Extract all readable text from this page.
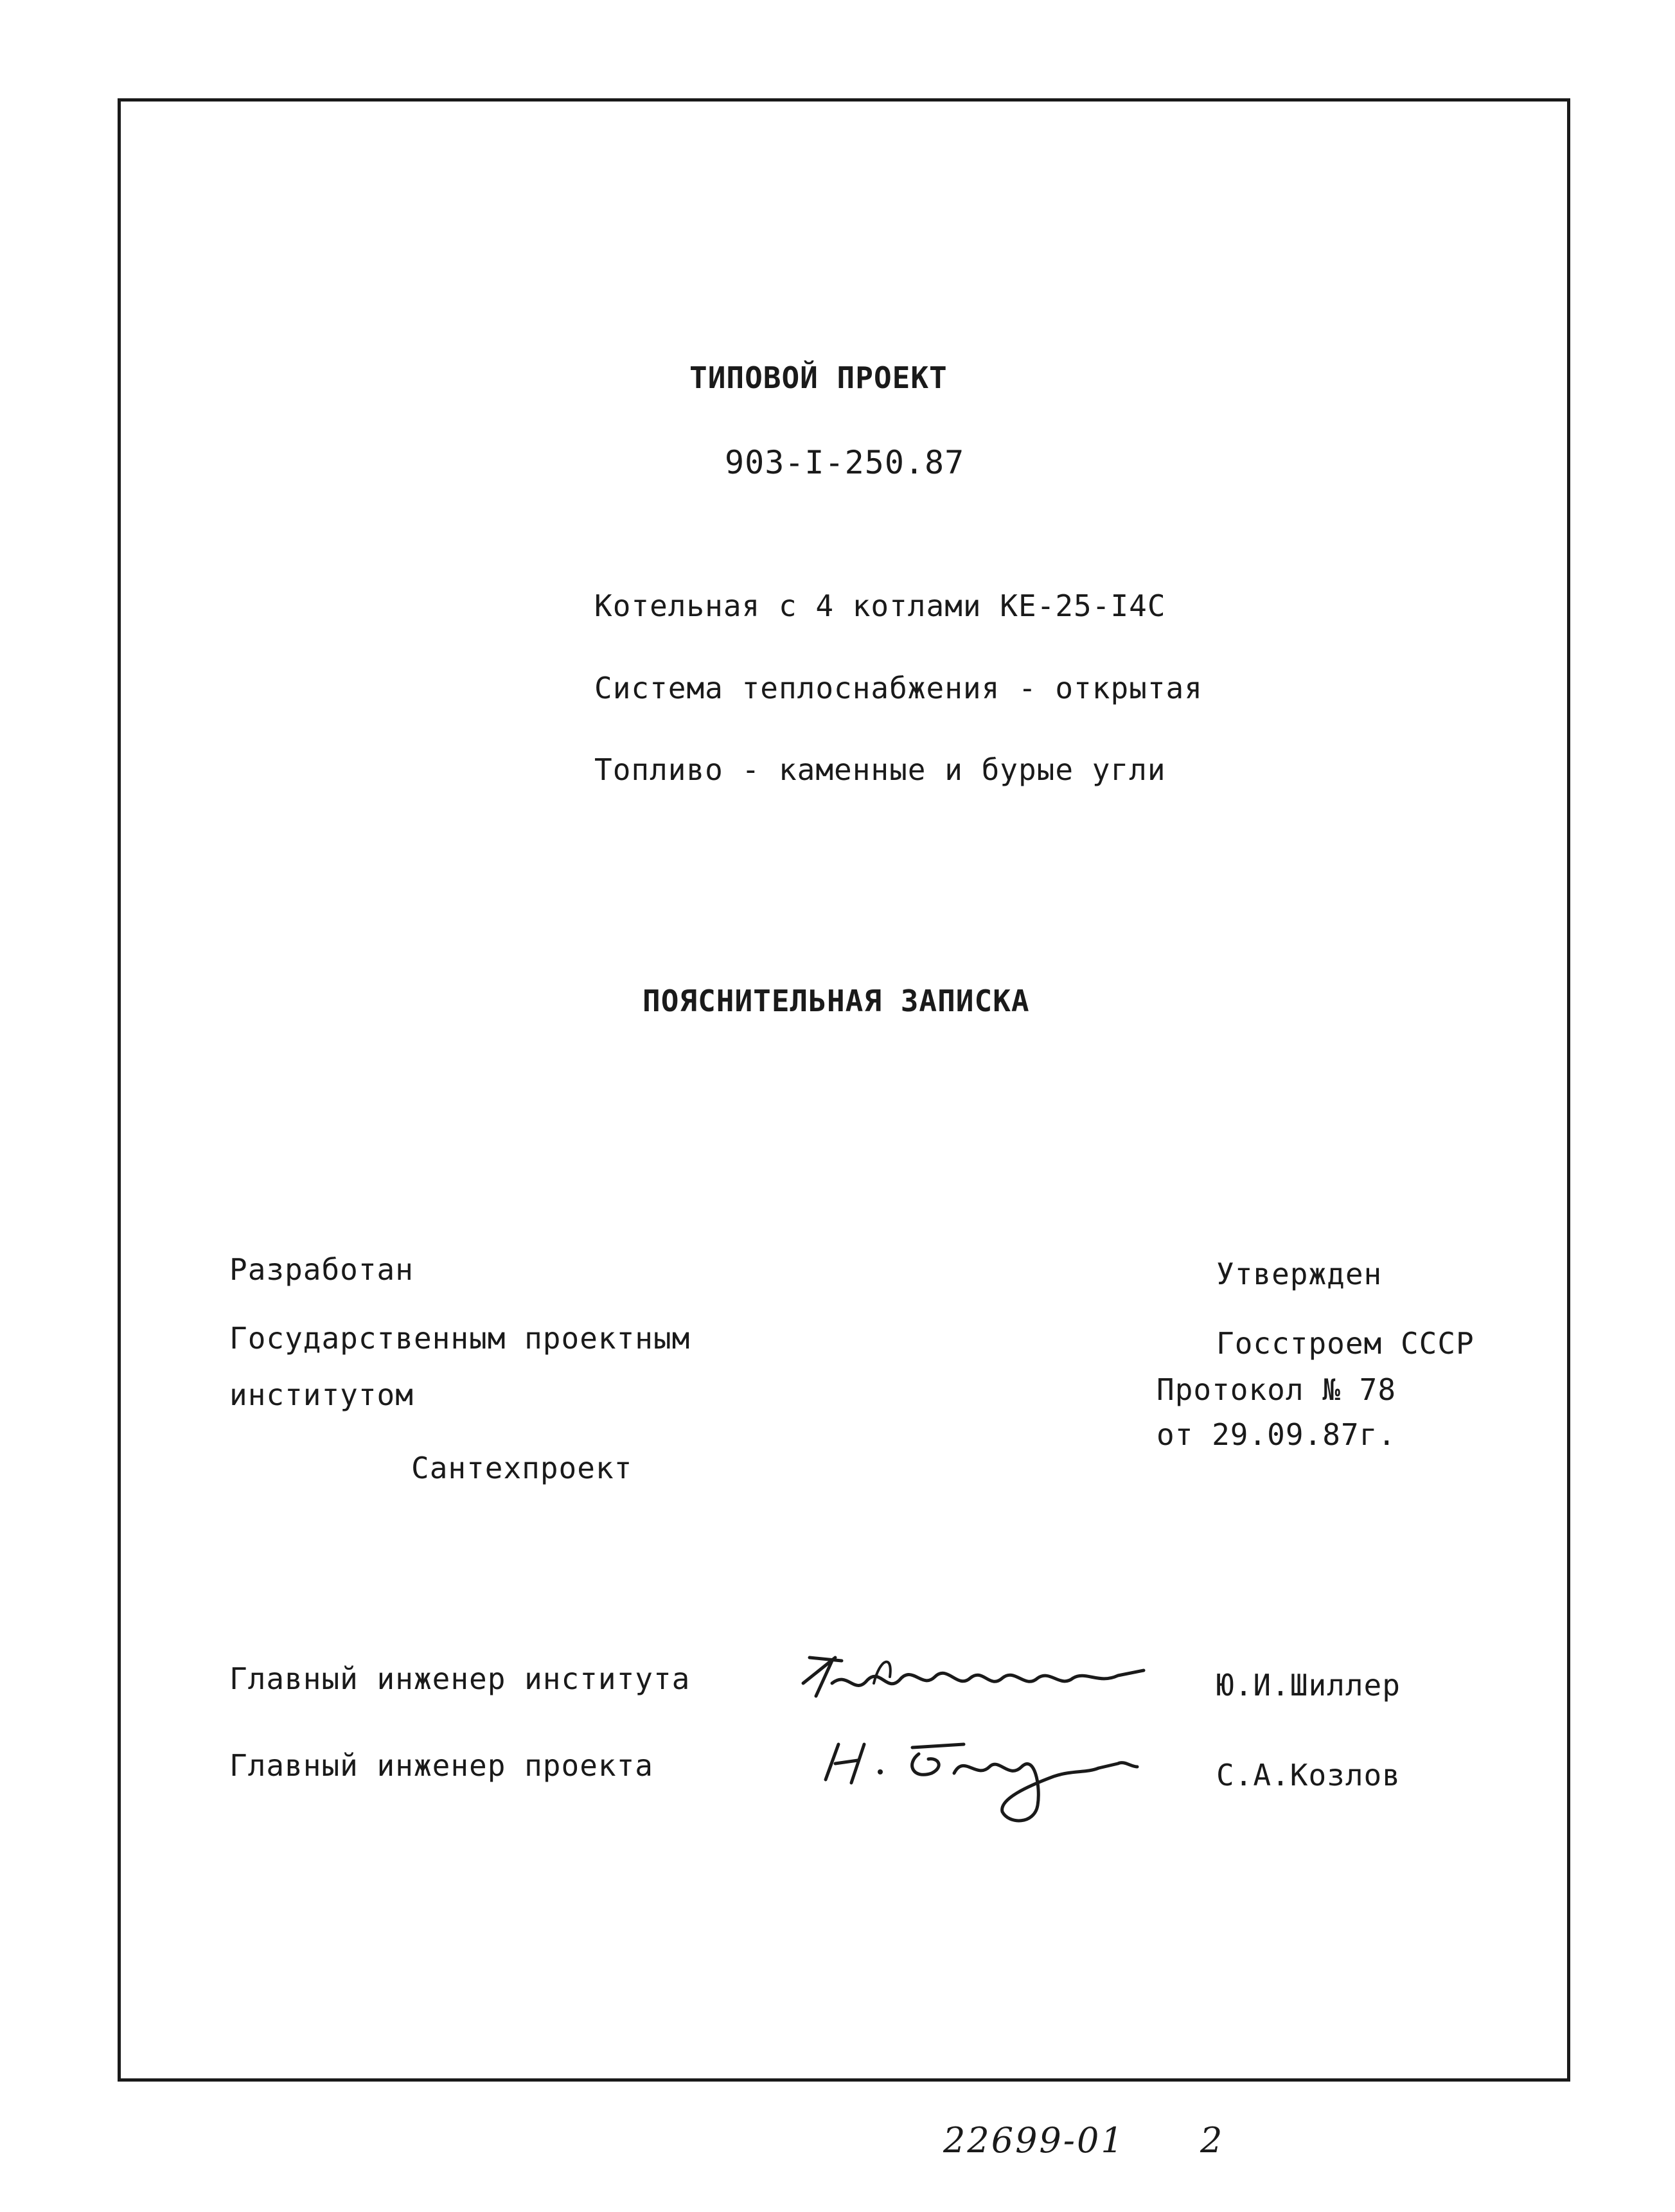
ТИПОВОЙ ПРОЕКТ
903-I-250.87
Котельная с 4 котлами КЕ-25-I4С
Система теплоснабжения - открытая
Топливо - каменные и бурые угли
ПОЯСНИТЕЛЬНАЯ ЗАПИСКА
Разработан
Государственным проектным
институтом
Сантехпроект
Утвержден
Госстроем СССР
Протокол № 78
от 29.09.87г.
Главный инженер института	Ю.И.Шиллер
Главный инженер проекта	С.А.Козлов
22699-01 2
